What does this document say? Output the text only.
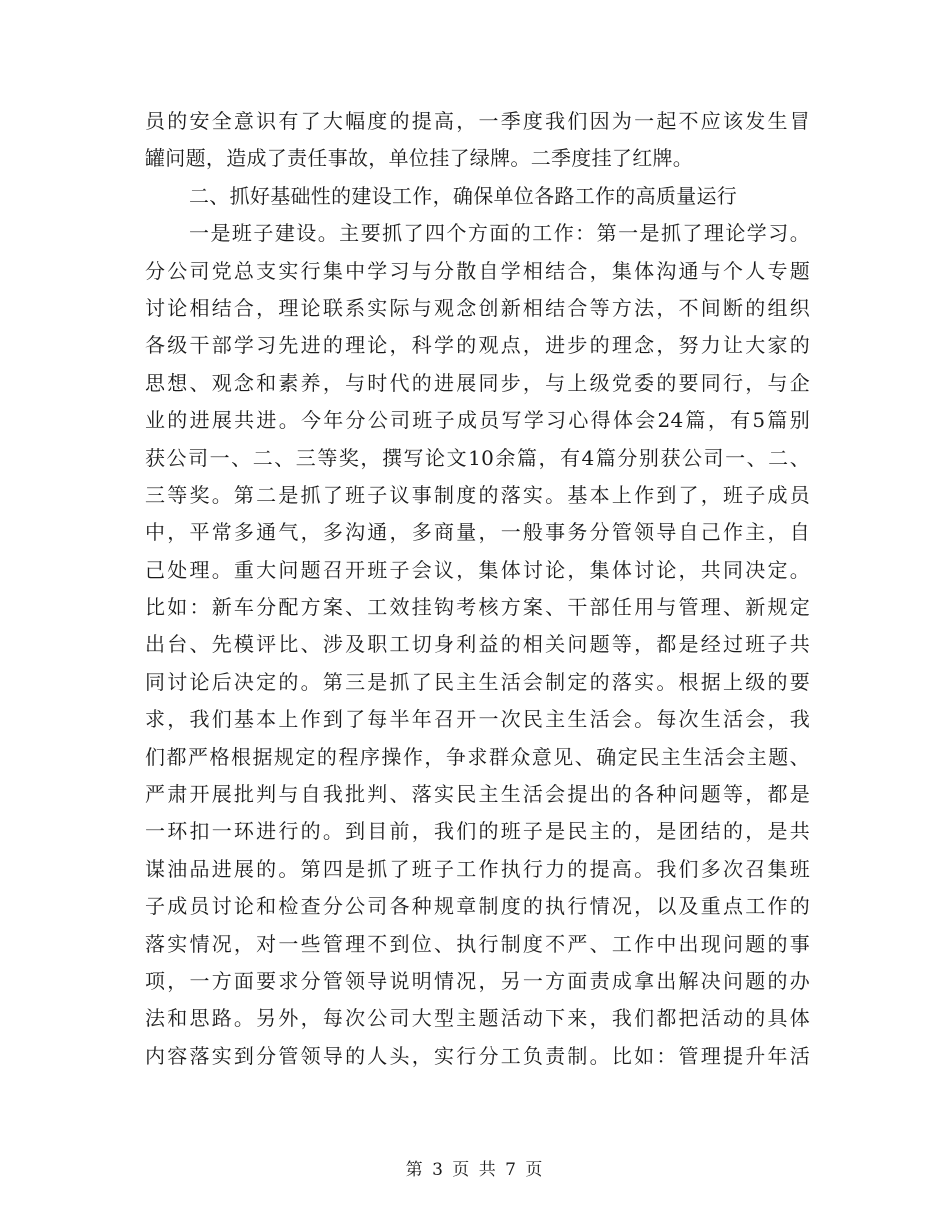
员的安全意识有了大幅度的提高，一季度我们因为一起不应该发生冒
罐问题，造成了责任事故，单位挂了绿牌。二季度挂了红牌。
二、抓好基础性的建设工作，确保单位各路工作的高质量运行
一是班子建设。主要抓了四个方面的工作：第一是抓了理论学习。
分公司党总支实行集中学习与分散自学相结合，集体沟通与个人专题
讨论相结合，理论联系实际与观念创新相结合等方法，不间断的组织
各级干部学习先进的理论，科学的观点，进步的理念，努力让大家的
思想、观念和素养，与时代的进展同步，与上级党委的要同行，与企
业的进展共进。今年分公司班子成员写学习心得体会24篇，有5篇别
获公司一、二、三等奖，撰写论文10余篇，有4篇分别获公司一、二、
三等奖。第二是抓了班子议事制度的落实。基本上作到了，班子成员
中，平常多通气，多沟通，多商量，一般事务分管领导自己作主，自
己处理。重大问题召开班子会议，集体讨论，集体讨论，共同决定。
比如：新车分配方案、工效挂钩考核方案、干部任用与管理、新规定
出台、先模评比、涉及职工切身利益的相关问题等，都是经过班子共
同讨论后决定的。第三是抓了民主生活会制定的落实。根据上级的要
求，我们基本上作到了每半年召开一次民主生活会。每次生活会，我
们都严格根据规定的程序操作，争求群众意见、确定民主生活会主题、
严肃开展批判与自我批判、落实民主生活会提出的各种问题等，都是
一环扣一环进行的。到目前，我们的班子是民主的，是团结的，是共
谋油品进展的。第四是抓了班子工作执行力的提高。我们多次召集班
子成员讨论和检查分公司各种规章制度的执行情况，以及重点工作的
落实情况，对一些管理不到位、执行制度不严、工作中出现问题的事
项，一方面要求分管领导说明情况，另一方面责成拿出解决问题的办
法和思路。另外，每次公司大型主题活动下来，我们都把活动的具体
内容落实到分管领导的人头，实行分工负责制。比如：管理提升年活
第 3 页 共 7 页
